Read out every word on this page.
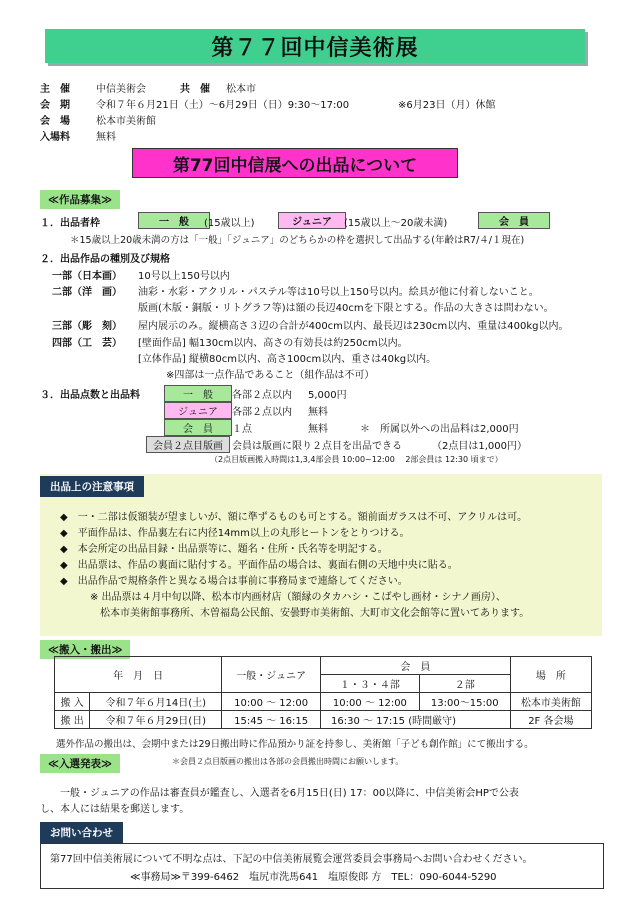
第７７回中信美術展
主　催	中信美術会	共　催 松本市
会　期	令和７年６月21日（土）～6月29日（日）9:30～17:00	※6月23日（月）休館
会　場	松本市美術館
入場料	無料
第77回中信展への出品について
≪作品募集≫
１．出品者枠	一　般	(15歳以上)	ジュニア	(15歳以上～20歳未満)	会　員
＊15歳以上20歳未満の方は「一般」「ジュニア」のどちらかの枠を選択して出品する(年齢はR7/４/１現在)
２．出品作品の種別及び規格
一部（日本画） 10号以上150号以内
二部（洋　画） 油彩・水彩・アクリル・パステル等は10号以上150号以内。絵具が他に付着しないこと。
版画(木版・銅版・リトグラフ等)は額の長辺40cmを下限とする。作品の大きさは問わない。
三部（彫　刻） 屋内展示のみ。縦横高さ３辺の合計が400cm以内、最長辺は230cm以内、重量は400kg以内。
四部（工　芸） [壁面作品] 幅130cm以内、高さの有効長は約250cm以内。
[立体作品] 縦横80cm以内、高さ100cm以内、重さは40kg以内。
※四部は一点作品であること（組作品は不可）
３．出品点数と出品料	一　般	各部２点以内 5,000円
ジュニア	各部２点以内 無料
会　員	１点	無料	＊　所属以外への出品料は2,000円
会員２点目版画 会員は版画に限り２点目を出品できる	（2点目は1,000円）
（2点目版画搬入時間は1,3,4部会員 10:00~12:00　 2部会員は 12:30 頃まで）
出品上の注意事項
◆　一・二部は仮額装が望ましいが、額に準ずるものも可とする。額前面ガラスは不可、アクリルは可。
◆　平面作品は、作品裏左右に内径14mm以上の丸形ヒートンをとりつける。
◆　本会所定の出品目録・出品票等に、題名・住所・氏名等を明記する。
◆　出品票は、作品の裏面に貼付する。平面作品の場合は、裏面右側の天地中央に貼る。
◆　出品作品で規格条件と異なる場合は事前に事務局まで連絡してください。
※ 出品票は４月中旬以降、松本市内画材店（額縁のタカハシ・こばやし画材・シナノ画房）、
松本市美術館事務所、木曽福島公民館、安曇野市美術館、大町市文化会館等に置いてあります。
≪搬入・搬出≫
年　月　日		一般・ジュニア	会　員		場　所
			１・３・４部	２部	
搬 入	令和７年６月14日(土)	10:00 ～ 12:00	10:00 ～ 12:00	13:00～15:00	松本市美術館
搬 出	令和７年６月29日(日)	15:45 ～ 16:15	16:30 ～ 17:15 (時間厳守)		2F 各会場
選外作品の搬出は、会期中または29日搬出時に作品預かり証を持参し、美術館「子ども創作館」にて搬出する。
≪入選発表≫	＊会員２点目版画の搬出は各部の会員搬出時間にお願いします。
一般・ジュニアの作品は審査員が鑑査し、入選者を6月15日(日) 17：00以降に、中信美術会HPで公表
し、本人には結果を郵送します。
お問い合わせ
第77回中信美術展について不明な点は、下記の中信美術展覧会運営委員会事務局へお問い合わせください。
≪事務局≫〒399-6462　塩尻市洗馬641　塩原俊郎 方　TEL：090-6044-5290
